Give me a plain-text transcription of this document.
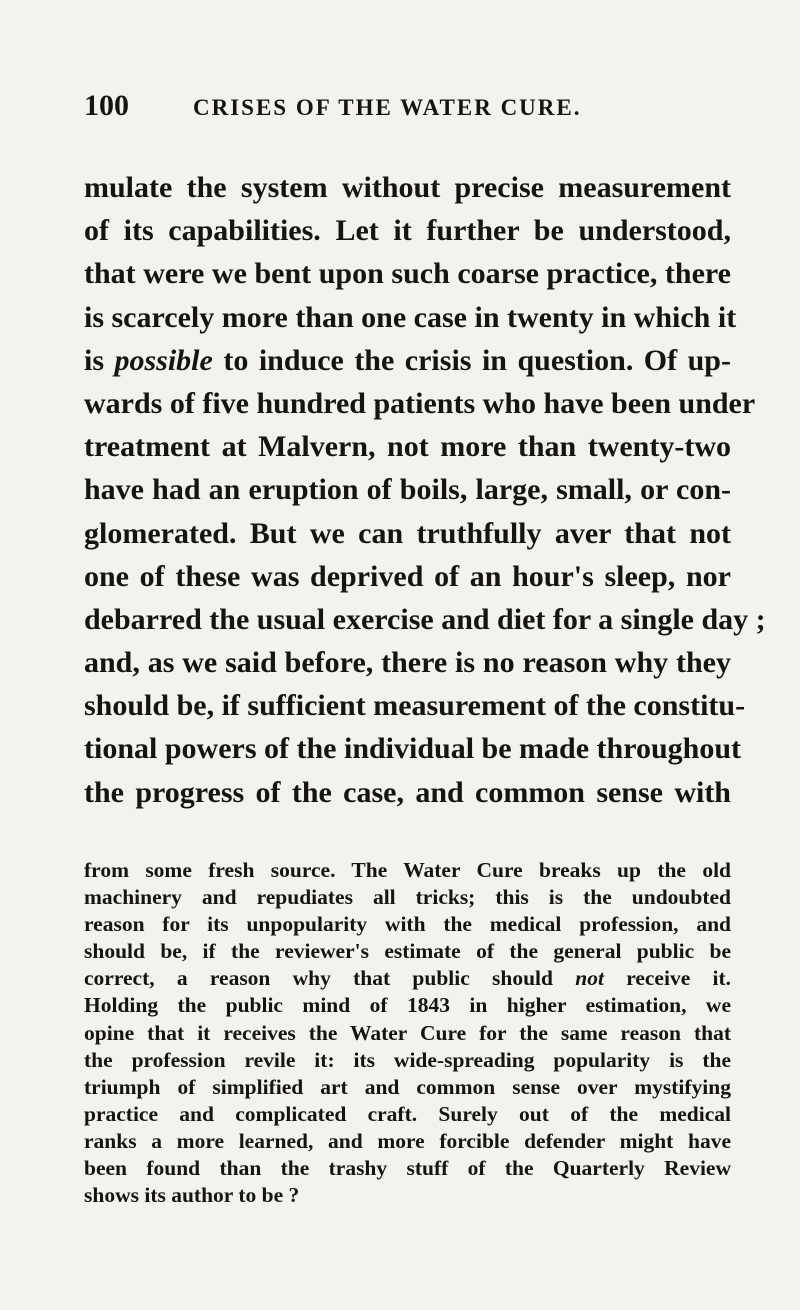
100	CRISES OF THE WATER CURE.
mulate the system without precise measurement
of its capabilities. Let it further be understood,
that were we bent upon such coarse practice, there
is scarcely more than one case in twenty in which it
is possible to induce the crisis in question. Of up-
wards of five hundred patients who have been under
treatment at Malvern, not more than twenty-two
have had an eruption of boils, large, small, or con-
glomerated. But we can truthfully aver that not
one of these was deprived of an hour's sleep, nor
debarred the usual exercise and diet for a single day ;
and, as we said before, there is no reason why they
should be, if sufficient measurement of the constitu-
tional powers of the individual be made throughout
the progress of the case, and common sense with
from some fresh source. The Water Cure breaks up the old
machinery and repudiates all tricks; this is the undoubted
reason for its unpopularity with the medical profession, and
should be, if the reviewer's estimate of the general public be
correct, a reason why that public should not receive it.
Holding the public mind of 1843 in higher estimation, we
opine that it receives the Water Cure for the same reason that
the profession revile it: its wide-spreading popularity is the
triumph of simplified art and common sense over mystifying
practice and complicated craft. Surely out of the medical
ranks a more learned, and more forcible defender might have
been found than the trashy stuff of the Quarterly Review
shows its author to be ?
